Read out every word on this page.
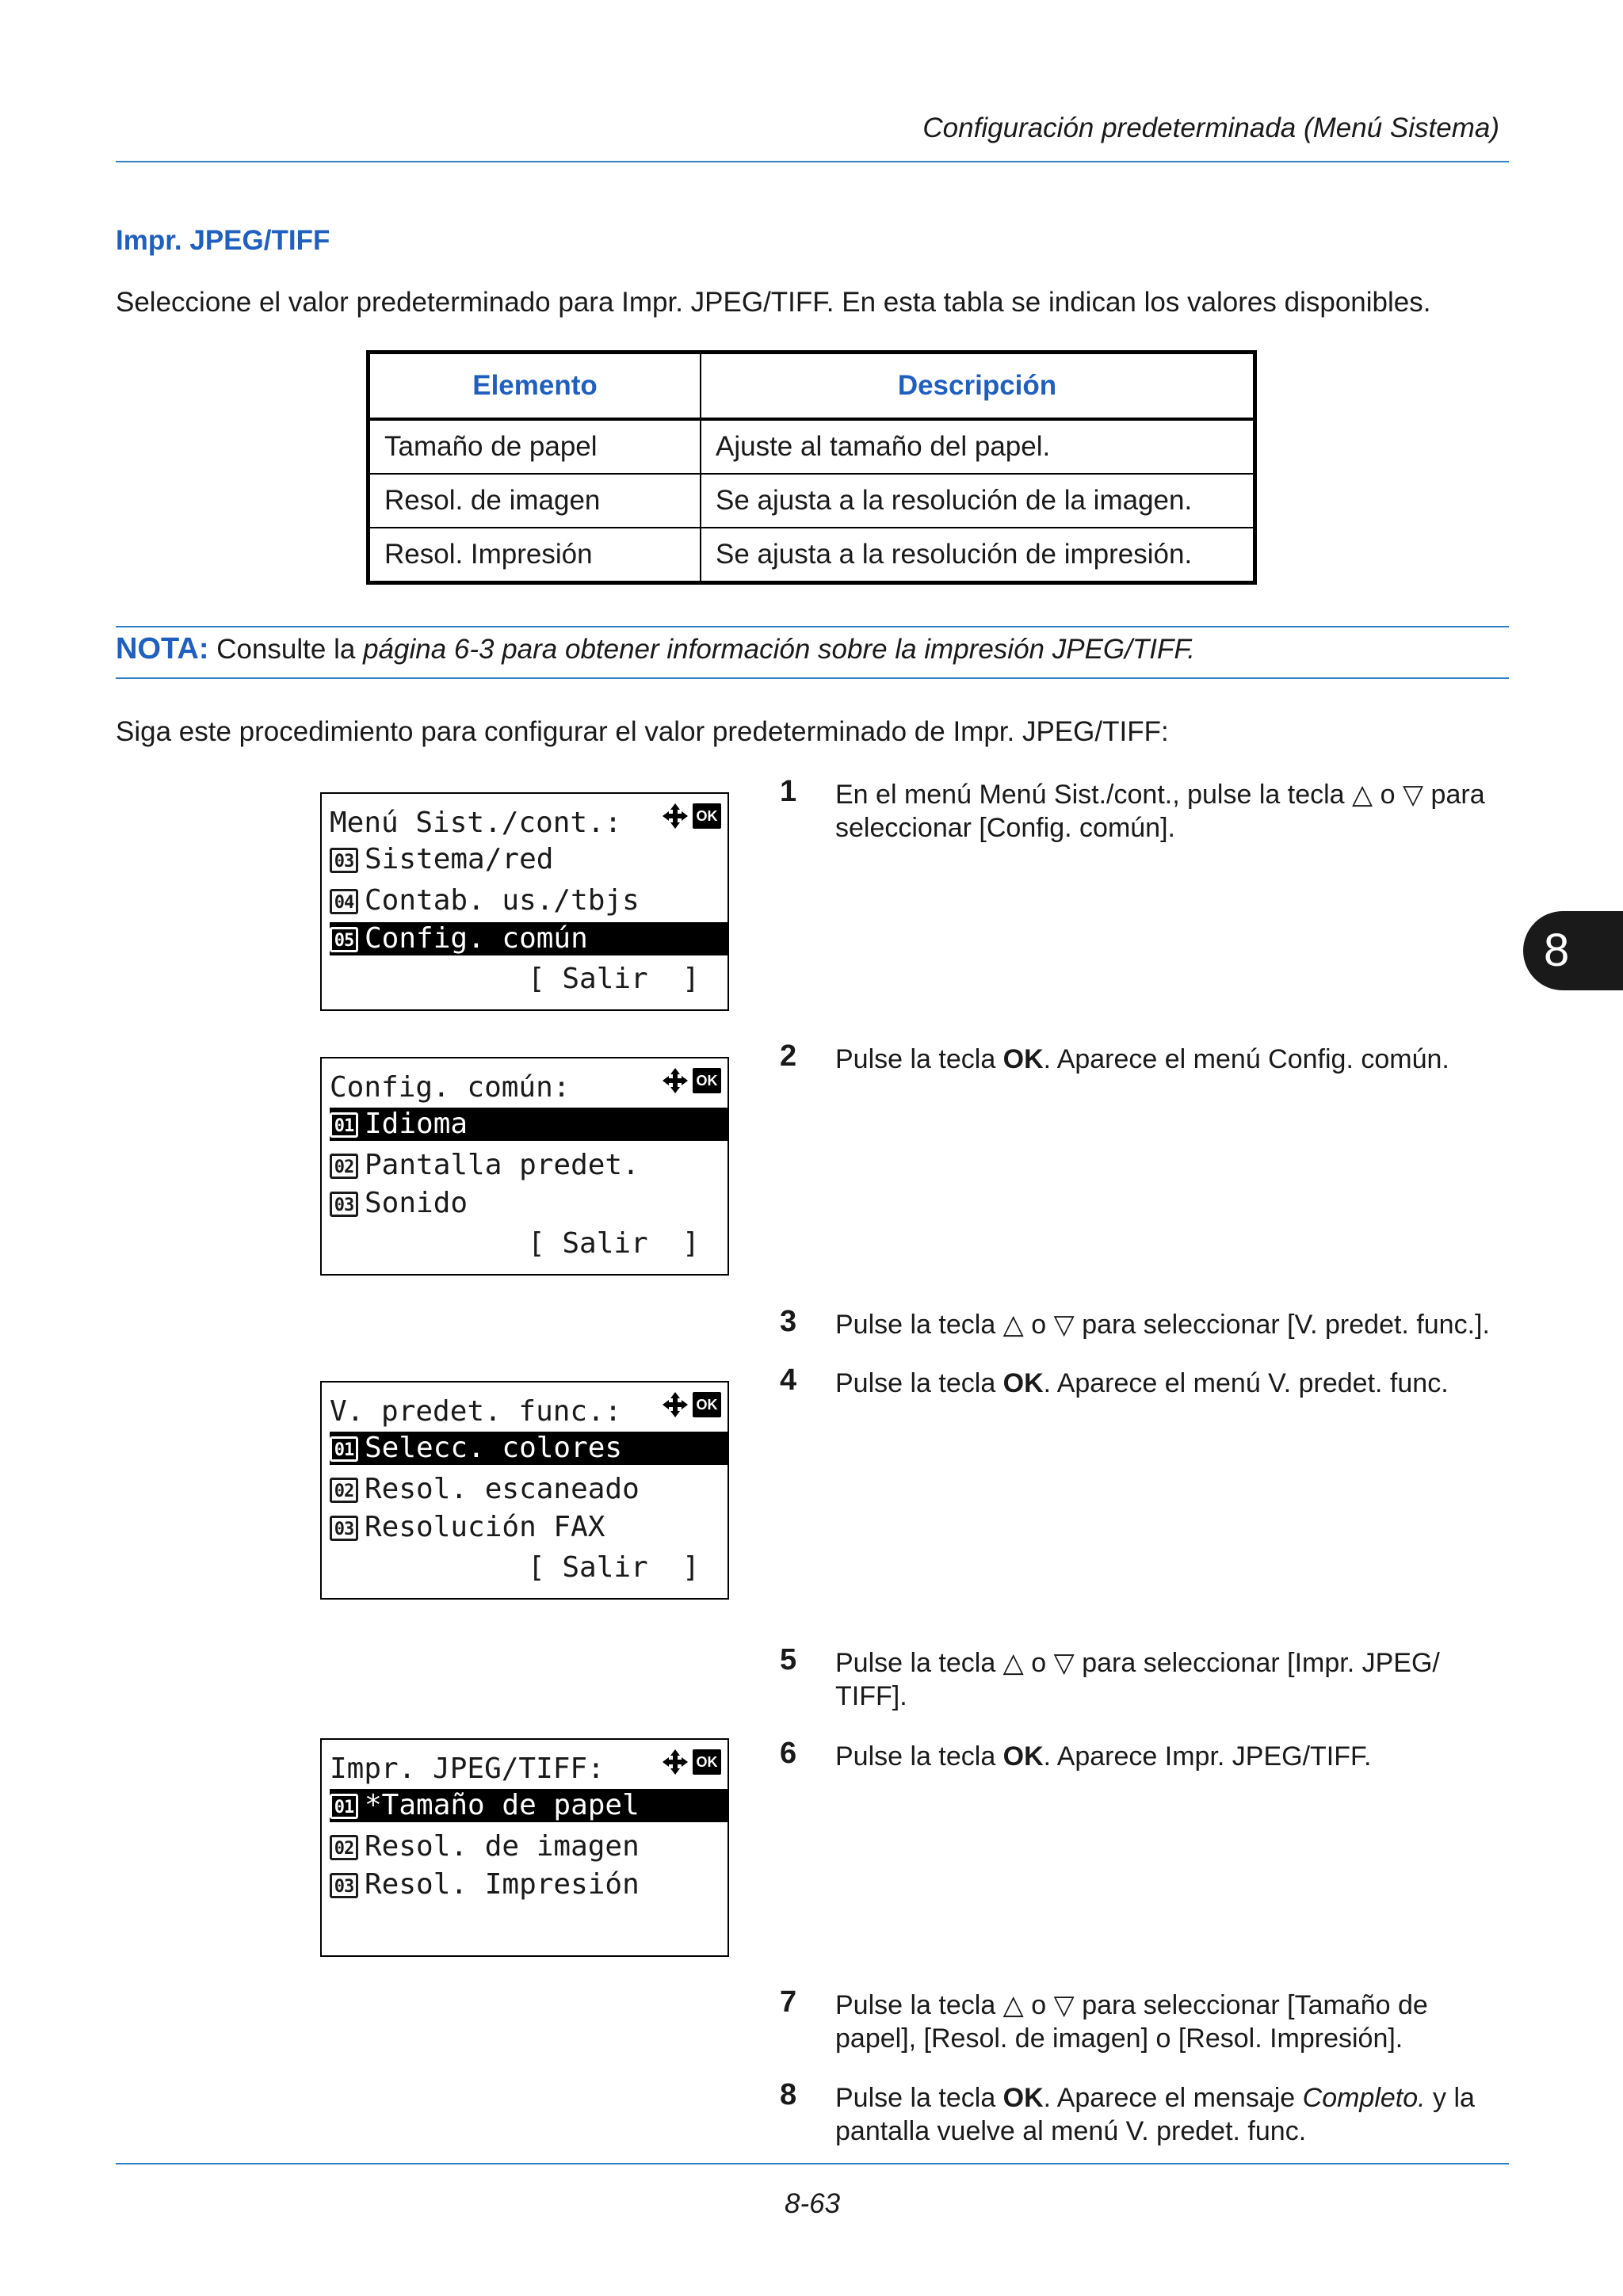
Configuración predeterminada (Menú Sistema)
Impr. JPEG/TIFF
Seleccione el valor predeterminado para Impr. JPEG/TIFF. En esta tabla se indican los valores disponibles.
Elemento	Descripción
Tamaño de papel	Ajuste al tamaño del papel.
Resol. de imagen	Se ajusta a la resolución de la imagen.
Resol. Impresión	Se ajusta a la resolución de impresión.
NOTA: Consulte la página 6-3 para obtener información sobre la impresión JPEG/TIFF.
Siga este procedimiento para configurar el valor predeterminado de Impr. JPEG/TIFF:
Menú Sist./cont.:	OK
03 Sistema/red
04 Contab. us./tbjs
05 Config. común
[ Salir  ]
Config. común:	OK
01 Idioma
02 Pantalla predet.
03 Sonido
[ Salir  ]
V. predet. func.:	OK
01 Selecc. colores
02 Resol. escaneado
03 Resolución FAX
[ Salir  ]
Impr. JPEG/TIFF:	OK
01 *Tamaño de papel
02 Resol. de imagen
03 Resol. Impresión
1 En el menú Menú Sist./cont., pulse la tecla △ o ▽ para seleccionar [Config. común].
2 Pulse la tecla OK. Aparece el menú Config. común.
3 Pulse la tecla △ o ▽ para seleccionar [V. predet. func.].
4 Pulse la tecla OK. Aparece el menú V. predet. func.
5 Pulse la tecla △ o ▽ para seleccionar [Impr. JPEG/ TIFF].
6 Pulse la tecla OK. Aparece Impr. JPEG/TIFF.
7 Pulse la tecla △ o ▽ para seleccionar [Tamaño de papel], [Resol. de imagen] o [Resol. Impresión].
8 Pulse la tecla OK. Aparece el mensaje Completo. y la pantalla vuelve al menú V. predet. func.
8
8-63
